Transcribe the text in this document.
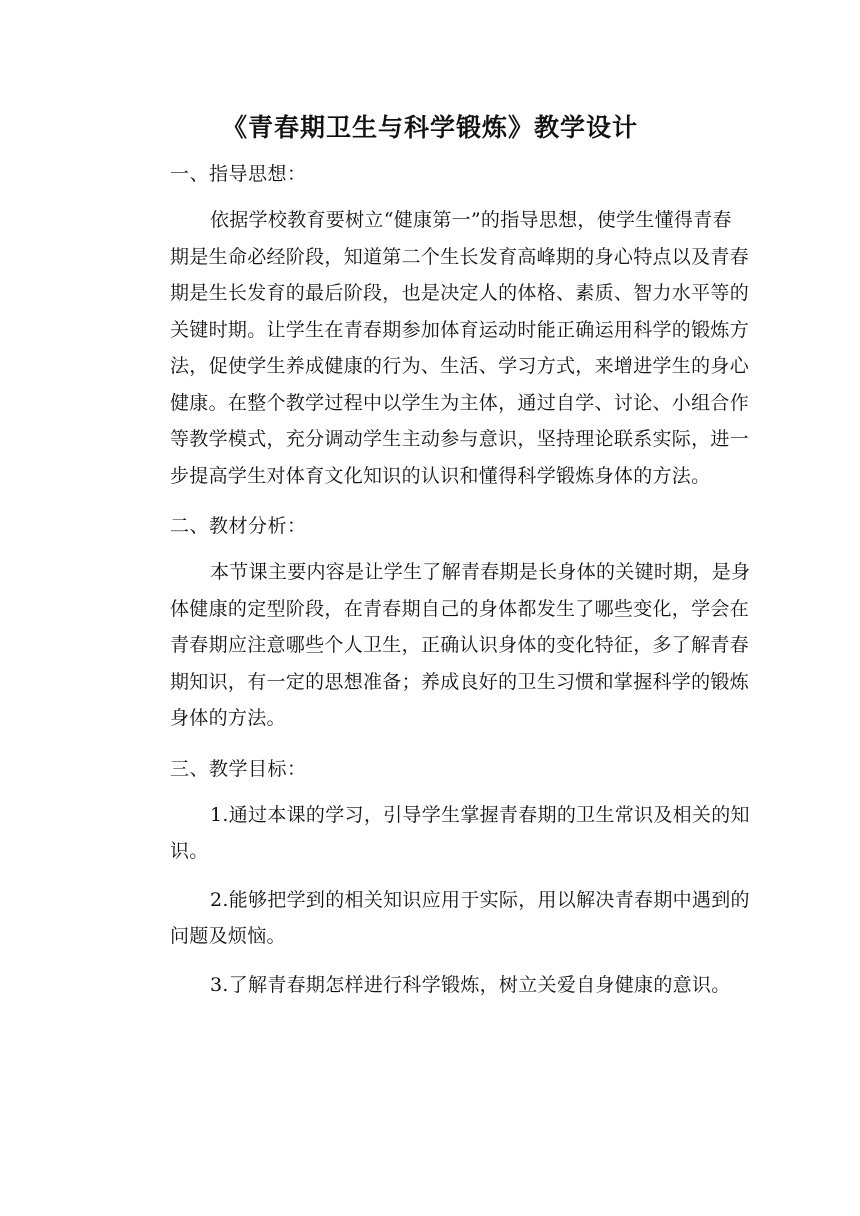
《青春期卫生与科学锻炼》教学设计
一、指导思想：
依据学校教育要树立“健康第一”的指导思想，使学生懂得青春
期是生命必经阶段，知道第二个生长发育高峰期的身心特点以及青春
期是生长发育的最后阶段，也是决定人的体格、素质、智力水平等的
关键时期。让学生在青春期参加体育运动时能正确运用科学的锻炼方
法，促使学生养成健康的行为、生活、学习方式，来增进学生的身心
健康。在整个教学过程中以学生为主体，通过自学、讨论、小组合作
等教学模式，充分调动学生主动参与意识，坚持理论联系实际，进一
步提高学生对体育文化知识的认识和懂得科学锻炼身体的方法。
二、教材分析：
本节课主要内容是让学生了解青春期是长身体的关键时期，是身
体健康的定型阶段，在青春期自己的身体都发生了哪些变化，学会在
青春期应注意哪些个人卫生，正确认识身体的变化特征，多了解青春
期知识，有一定的思想准备；养成良好的卫生习惯和掌握科学的锻炼
身体的方法。
三、教学目标：
1.通过本课的学习，引导学生掌握青春期的卫生常识及相关的知
识。
2.能够把学到的相关知识应用于实际，用以解决青春期中遇到的
问题及烦恼。
3.了解青春期怎样进行科学锻炼，树立关爱自身健康的意识。
